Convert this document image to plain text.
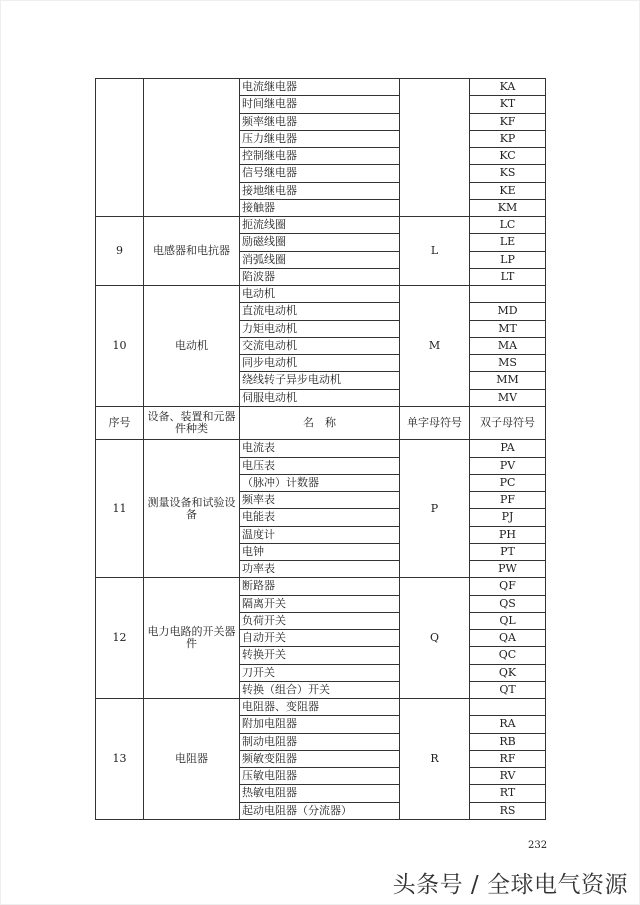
		电流继电器		KA
		时间继电器		KT
		频率继电器		KF
		压力继电器		KP
		控制继电器		KC
		信号继电器		KS
		接地继电器		KE
		接触器		KM
9	电感器和电抗器	扼流线圈	L	LC
		励磁线圈		LE
		消弧线圈		LP
		陷波器		LT
10	电动机	电动机	M	
		直流电动机		MD
		力矩电动机		MT
		交流电动机		MA
		同步电动机		MS
		绕线转子异步电动机		MM
		伺服电动机		MV
序号	设备、装置和元器件种类	名　称	单字母符号	双子母符号
11	测量设备和试验设备	电流表	P	PA
		电压表		PV
		（脉冲）计数器		PC
		频率表		PF
		电能表		PJ
		温度计		PH
		电钟		PT
		功率表		PW
12	电力电路的开关器件	断路器	Q	QF
		隔离开关		QS
		负荷开关		QL
		自动开关		QA
		转换开关		QC
		刀开关		QK
		转换（组合）开关		QT
13	电阻器	电阻器、变阻器	R	
		附加电阻器		RA
		制动电阻器		RB
		频敏变阻器		RF
		压敏电阻器		RV
		热敏电阻器		RT
		起动电阻器（分流器）		RS
232
头条号 / 全球电气资源
